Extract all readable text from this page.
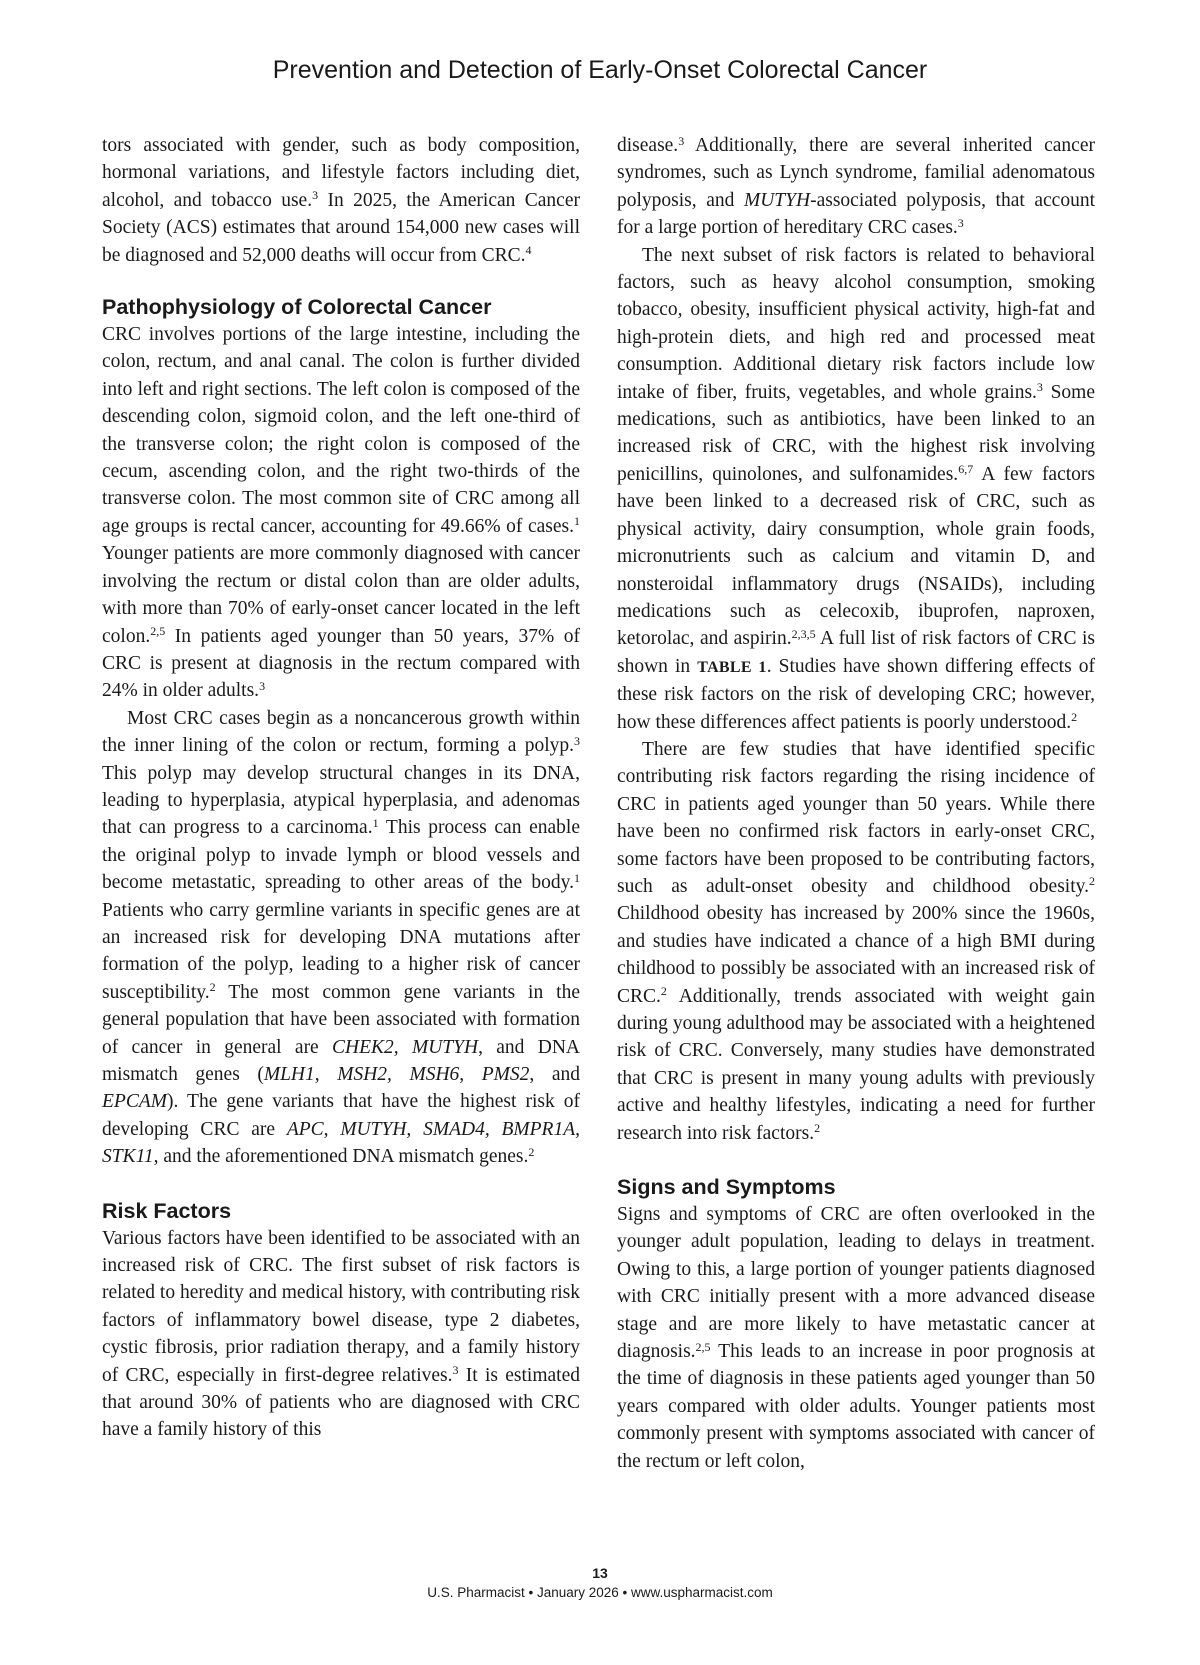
Prevention and Detection of Early-Onset Colorectal Cancer

tors associated with gender, such as body composition, hormonal variations, and lifestyle factors including diet, alcohol, and tobacco use.$^3$ In 2025, the American Cancer Society (ACS) estimates that around 154,000 new cases will be diagnosed and 52,000 deaths will occur from CRC.$^4$

Pathophysiology of Colorectal Cancer

CRC involves portions of the large intestine, including the colon, rectum, and anal canal. The colon is further divided into left and right sections. The left colon is composed of the descending colon, sigmoid colon, and the left one-third of the transverse colon; the right colon is composed of the cecum, ascending colon, and the right two-thirds of the transverse colon. The most common site of CRC among all age groups is rectal cancer, accounting for 49.66% of cases.$^1$ Younger patients are more commonly diagnosed with cancer involving the rectum or distal colon than are older adults, with more than 70% of early-onset cancer located in the left colon.$^{2,5}$ In patients aged younger than 50 years, 37% of CRC is present at diagnosis in the rectum compared with 24% in older adults.$^3$

Most CRC cases begin as a noncancerous growth within the inner lining of the colon or rectum, forming a polyp.$^3$ This polyp may develop structural changes in its DNA, leading to hyperplasia, atypical hyperplasia, and adenomas that can progress to a carcinoma.$^1$ This process can enable the original polyp to invade lymph or blood vessels and become metastatic, spreading to other areas of the body.$^1$ Patients who carry germline variants in specific genes are at an increased risk for developing DNA mutations after formation of the polyp, leading to a higher risk of cancer susceptibility.$^2$ The most common gene variants in the general population that have been associated with formation of cancer in general are CHEK2, MUTYH, and DNA mismatch genes (MLH1, MSH2, MSH6, PMS2, and EPCAM). The gene variants that have the highest risk of developing CRC are APC, MUTYH, SMAD4, BMPR1A, STK11, and the aforementioned DNA mismatch genes.$^2$

Risk Factors

Various factors have been identified to be associated with an increased risk of CRC. The first subset of risk factors is related to heredity and medical history, with contributing risk factors of inflammatory bowel disease, type 2 diabetes, cystic fibrosis, prior radiation therapy, and a family history of CRC, especially in first-degree relatives.$^3$ It is estimated that around 30% of patients who are diagnosed with CRC have a family history of this

disease.$^3$ Additionally, there are several inherited cancer syndromes, such as Lynch syndrome, familial adenomatous polyposis, and MUTYH-associated polyposis, that account for a large portion of hereditary CRC cases.$^3$

The next subset of risk factors is related to behavioral factors, such as heavy alcohol consumption, smoking tobacco, obesity, insufficient physical activity, high-fat and high-protein diets, and high red and processed meat consumption. Additional dietary risk factors include low intake of fiber, fruits, vegetables, and whole grains.$^3$ Some medications, such as antibiotics, have been linked to an increased risk of CRC, with the highest risk involving penicillins, quinolones, and sulfonamides.$^{6,7}$ A few factors have been linked to a decreased risk of CRC, such as physical activity, dairy consumption, whole grain foods, micronutrients such as calcium and vitamin D, and nonsteroidal inflammatory drugs (NSAIDs), including medications such as celecoxib, ibuprofen, naproxen, ketorolac, and aspirin.$^{2,3,5}$ A full list of risk factors of CRC is shown in TABLE 1. Studies have shown differing effects of these risk factors on the risk of developing CRC; however, how these differences affect patients is poorly understood.$^2$

There are few studies that have identified specific contributing risk factors regarding the rising incidence of CRC in patients aged younger than 50 years. While there have been no confirmed risk factors in early-onset CRC, some factors have been proposed to be contributing factors, such as adult-onset obesity and childhood obesity.$^2$ Childhood obesity has increased by 200% since the 1960s, and studies have indicated a chance of a high BMI during childhood to possibly be associated with an increased risk of CRC.$^2$ Additionally, trends associated with weight gain during young adulthood may be associated with a heightened risk of CRC. Conversely, many studies have demonstrated that CRC is present in many young adults with previously active and healthy lifestyles, indicating a need for further research into risk factors.$^2$

Signs and Symptoms

Signs and symptoms of CRC are often overlooked in the younger adult population, leading to delays in treatment. Owing to this, a large portion of younger patients diagnosed with CRC initially present with a more advanced disease stage and are more likely to have metastatic cancer at diagnosis.$^{2,5}$ This leads to an increase in poor prognosis at the time of diagnosis in these patients aged younger than 50 years compared with older adults. Younger patients most commonly present with symptoms associated with cancer of the rectum or left colon,

13
U.S. Pharmacist • January 2026 • www.uspharmacist.com
